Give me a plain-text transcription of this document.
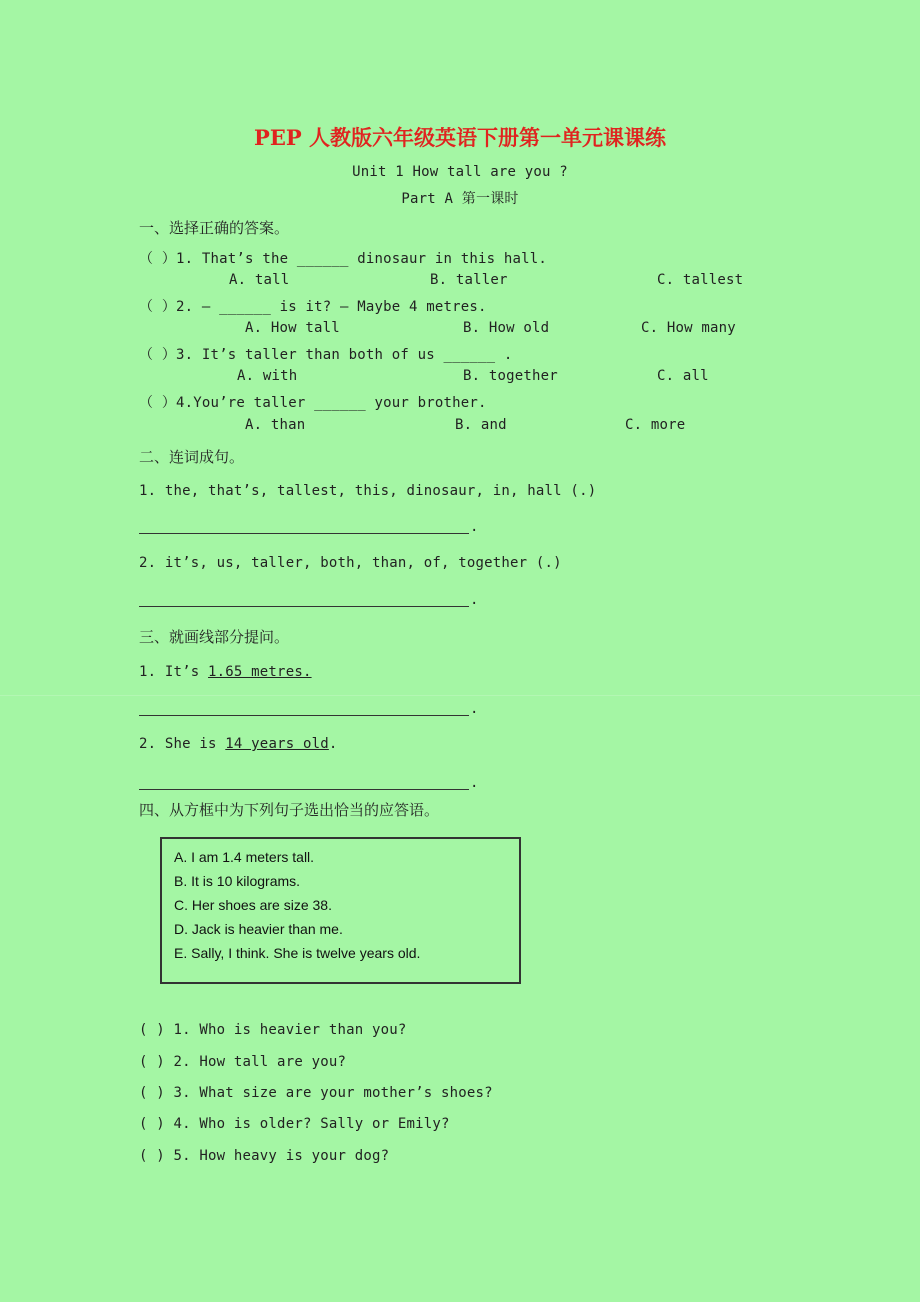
PEP 人教版六年级英语下册第一单元课课练
Unit 1 How tall are you ?
Part A 第一课时
一、选择正确的答案。
（ ）1. That’s the ______ dinosaur in this hall.
A. tall	B. taller	C. tallest
（ ）2. — ______ is it? — Maybe 4 metres.
A. How tall	B. How old	C. How many
（ ）3. It’s taller than both of us ______ .
A. with	B. together	C. all
（ ）4.You’re taller ______ your brother.
A. than	B. and	C. more
二、连词成句。
1. the, that’s, tallest, this, dinosaur, in, hall (.)
.
2. it’s, us, taller, both, than, of, together (.)
.
三、就画线部分提问。
1. It’s 1.65 metres.
.
2. She is 14 years old.
.
四、从方框中为下列句子选出恰当的应答语。
A. I am 1.4 meters tall.
B. It is 10 kilograms.
C. Her shoes are size 38.
D. Jack is heavier than me.
E. Sally, I think. She is twelve years old.
( ) 1. Who is heavier than you?
( ) 2. How tall are you?
( ) 3. What size are your mother’s shoes?
( ) 4. Who is older? Sally or Emily?
( ) 5. How heavy is your dog?
